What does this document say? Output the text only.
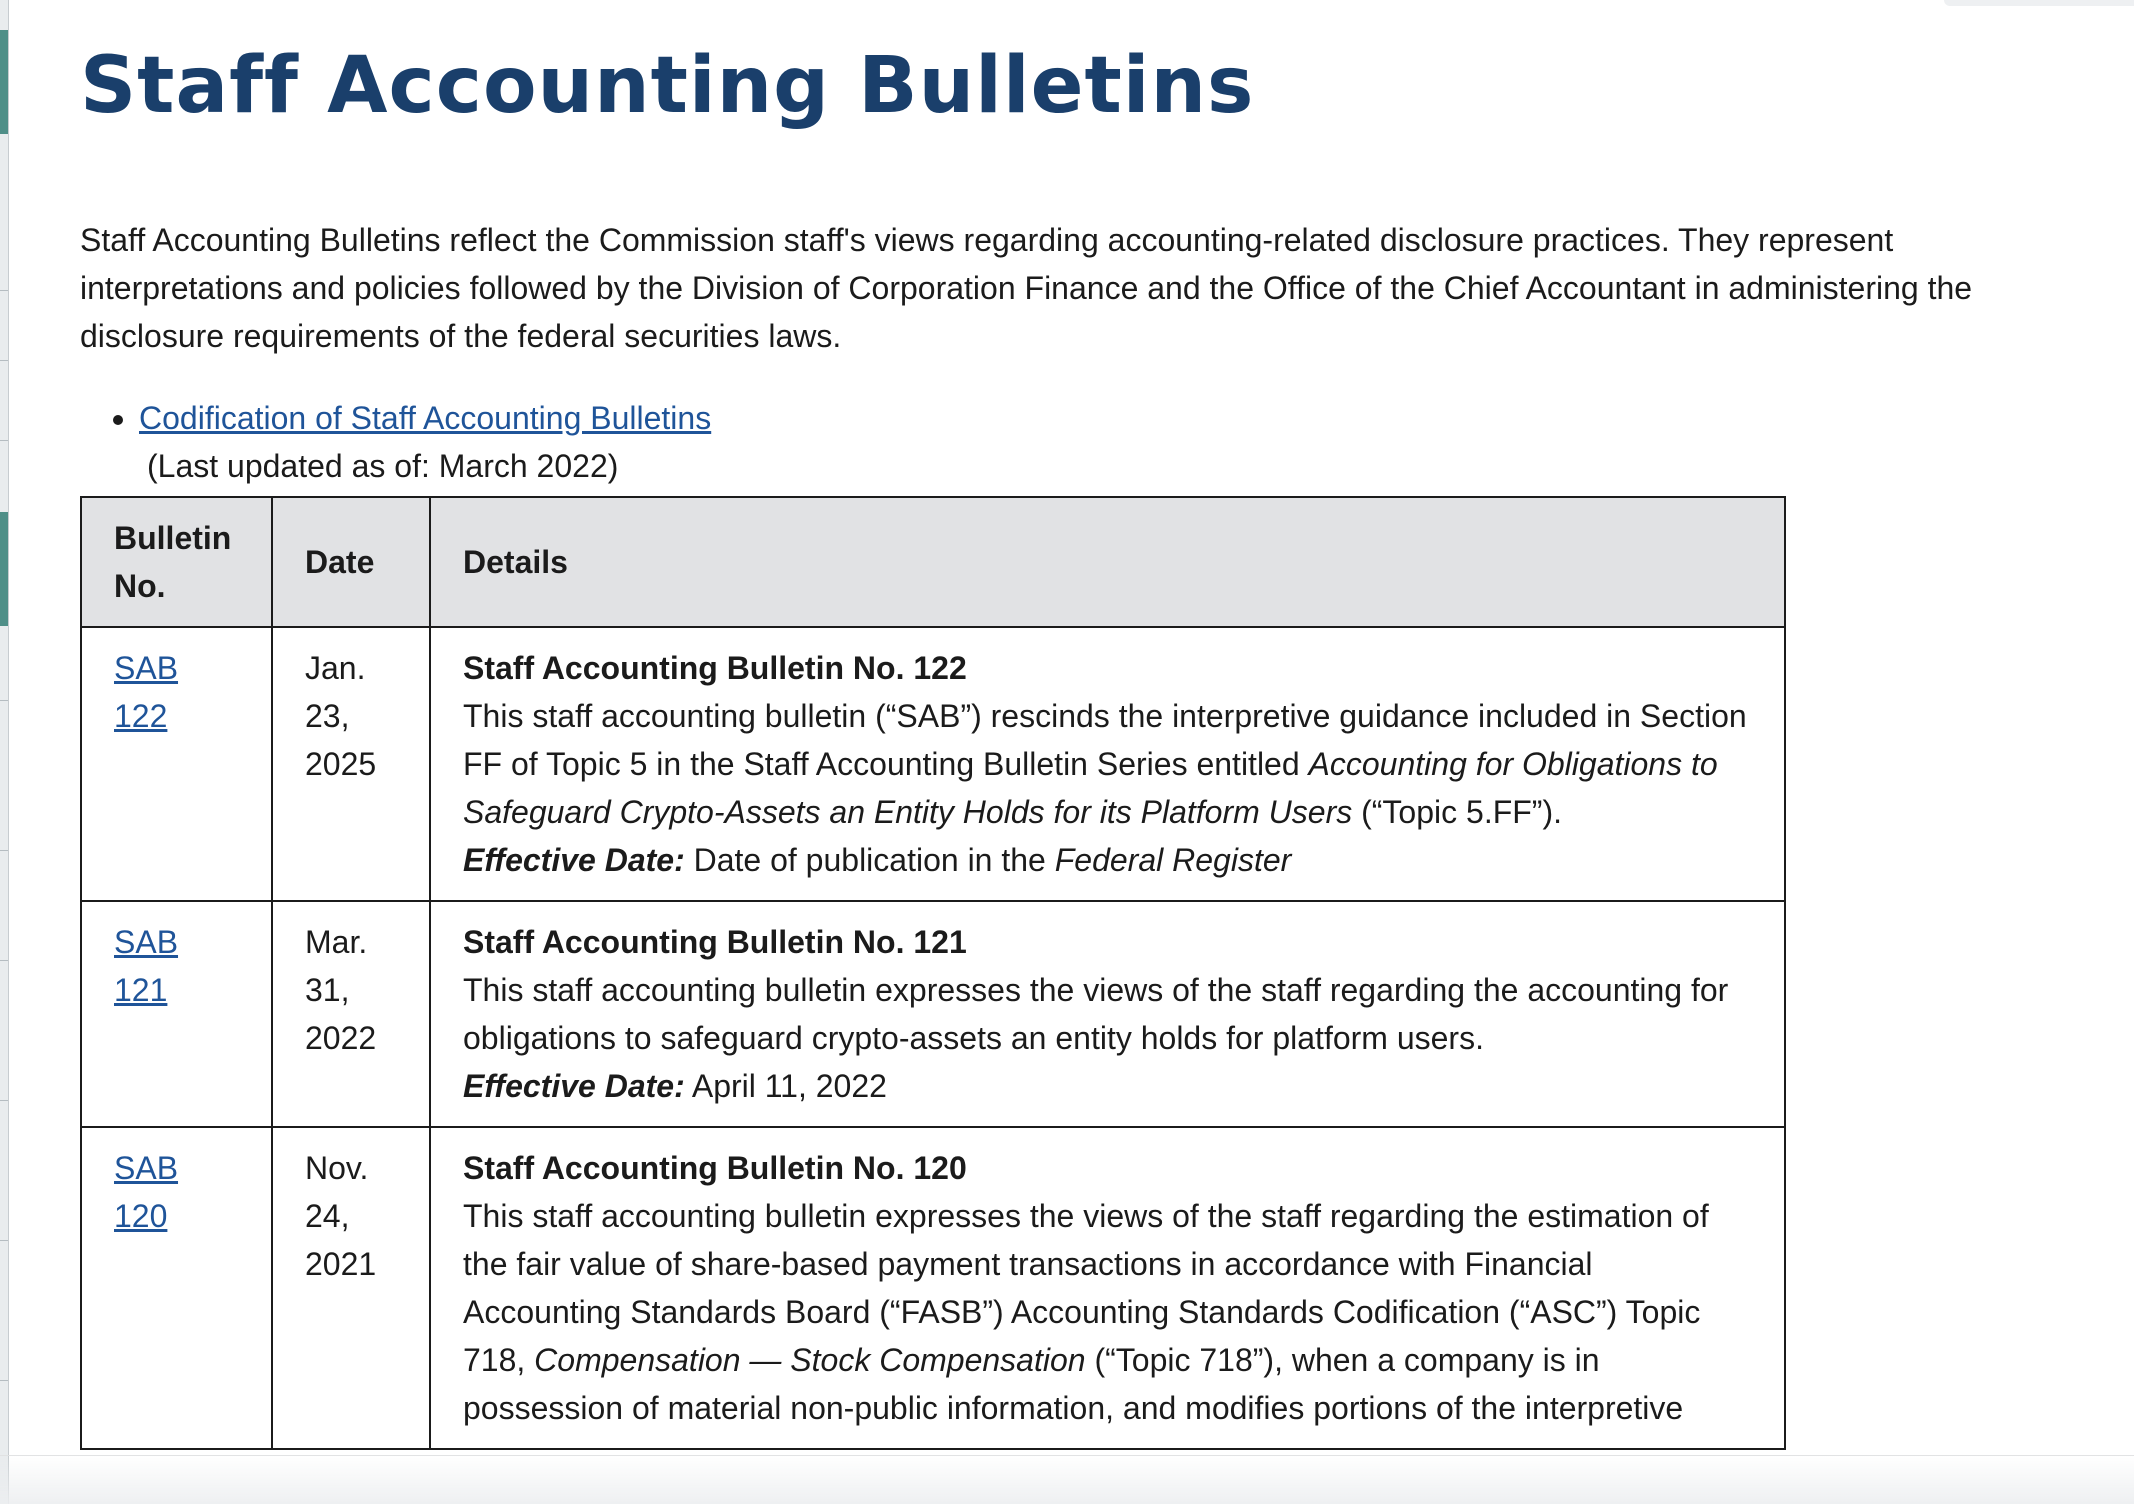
Staff Accounting Bulletins

Staff Accounting Bulletins reflect the Commission staff's views regarding accounting-related disclosure practices. They represent interpretations and policies followed by the Division of Corporation Finance and the Office of the Chief Accountant in administering the disclosure requirements of the federal securities laws.

• Codification of Staff Accounting Bulletins
(Last updated as of: March 2022)
Bulletin No.	Date	Details
SAB 122	Jan. 23, 2025	Staff Accounting Bulletin No. 122
This staff accounting bulletin (“SAB”) rescinds the interpretive guidance included in Section FF of Topic 5 in the Staff Accounting Bulletin Series entitled Accounting for Obligations to Safeguard Crypto-Assets an Entity Holds for its Platform Users (“Topic 5.FF”).
Effective Date: Date of publication in the Federal Register
SAB 121	Mar. 31, 2022	Staff Accounting Bulletin No. 121
This staff accounting bulletin expresses the views of the staff regarding the accounting for obligations to safeguard crypto-assets an entity holds for platform users.
Effective Date: April 11, 2022
SAB 120	Nov. 24, 2021	Staff Accounting Bulletin No. 120
This staff accounting bulletin expresses the views of the staff regarding the estimation of the fair value of share-based payment transactions in accordance with Financial Accounting Standards Board (“FASB”) Accounting Standards Codification (“ASC”) Topic 718, Compensation — Stock Compensation (“Topic 718”), when a company is in possession of material non-public information, and modifies portions of the interpretive
